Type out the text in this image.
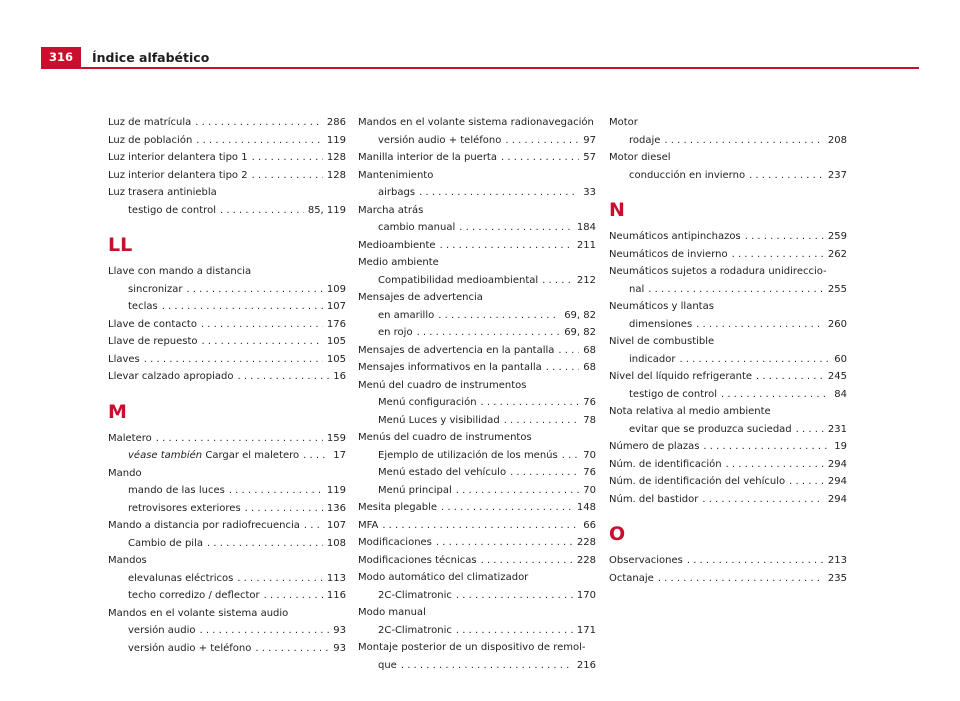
316	Índice alfabético
Luz de matrícula . . .	286
Luz de población . . .	119
Luz interior delantera tipo 1 . . .	128
Luz interior delantera tipo 2 . . .	128
Luz trasera antiniebla
testigo de control . . .	85, 119
LL
Llave con mando a distancia
sincronizar . . .	109
teclas . . .	107
Llave de contacto . . .	176
Llave de repuesto . . .	105
Llaves . . .	105
Llevar calzado apropiado . . .	16
M
Maletero . . .	159
véase también Cargar el maletero . . .	17
Mando
mando de las luces . . .	119
retrovisores exteriores . . .	136
Mando a distancia por radiofrecuencia . . .	107
Cambio de pila . . .	108
Mandos
elevalunas eléctricos . . .	113
techo corredizo / deflector . . .	116
Mandos en el volante sistema audio
versión audio . . .	93
versión audio + teléfono . . .	93
Mandos en el volante sistema radionavegación
versión audio + teléfono . . .	97
Manilla interior de la puerta . . .	57
Mantenimiento
airbags . . .	33
Marcha atrás
cambio manual . . .	184
Medioambiente . . .	211
Medio ambiente
Compatibilidad medioambiental . . .	212
Mensajes de advertencia
en amarillo . . .	69, 82
en rojo . . .	69, 82
Mensajes de advertencia en la pantalla . . .	68
Mensajes informativos en la pantalla . . .	68
Menú del cuadro de instrumentos
Menú configuración . . .	76
Menú Luces y visibilidad . . .	78
Menús del cuadro de instrumentos
Ejemplo de utilización de los menús . . .	70
Menú estado del vehículo . . .	76
Menú principal . . .	70
Mesita plegable . . .	148
MFA . . .	66
Modificaciones . . .	228
Modificaciones técnicas . . .	228
Modo automático del climatizador
2C-Climatronic . . .	170
Modo manual
2C-Climatronic . . .	171
Montaje posterior de un dispositivo de remol-
que . . .	216
Motor
rodaje . . .	208
Motor diesel
conducción en invierno . . .	237
N
Neumáticos antipinchazos . . .	259
Neumáticos de invierno . . .	262
Neumáticos sujetos a rodadura unidireccio-
nal . . .	255
Neumáticos y llantas
dimensiones . . .	260
Nivel de combustible
indicador . . .	60
Nivel del líquido refrigerante . . .	245
testigo de control . . .	84
Nota relativa al medio ambiente
evitar que se produzca suciedad . . .	231
Número de plazas . . .	19
Núm. de identificación . . .	294
Núm. de identificación del vehículo . . .	294
Núm. del bastidor . . .	294
O
Observaciones . . .	213
Octanaje . . .	235
